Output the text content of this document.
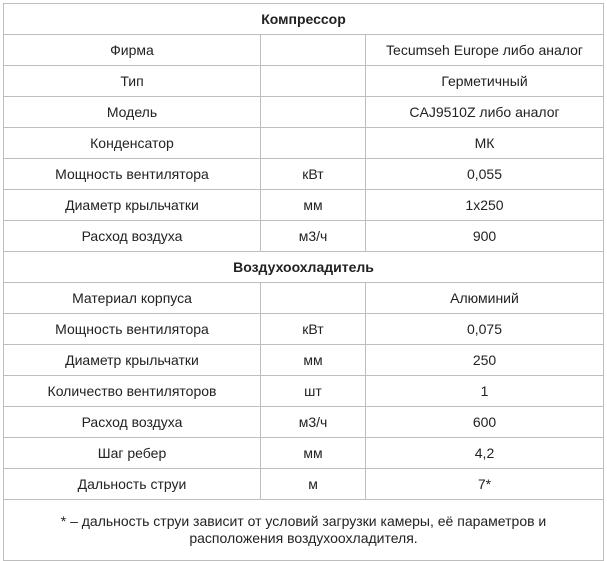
Компрессор		
Фирма		Tecumseh Europe либо аналог
Тип		Герметичный
Модель		CAJ9510Z либо аналог
Конденсатор		МК
Мощность вентилятора	кВт	0,055
Диаметр крыльчатки	мм	1x250
Расход воздуха	м3/ч	900
Воздухоохладитель		
Материал корпуса		Алюминий
Мощность вентилятора	кВт	0,075
Диаметр крыльчатки	мм	250
Количество вентиляторов	шт	1
Расход воздуха	м3/ч	600
Шаг ребер	мм	4,2
Дальность струи	м	7*
* – дальность струи зависит от условий загрузки камеры, её параметров и расположения воздухоохладителя.		
